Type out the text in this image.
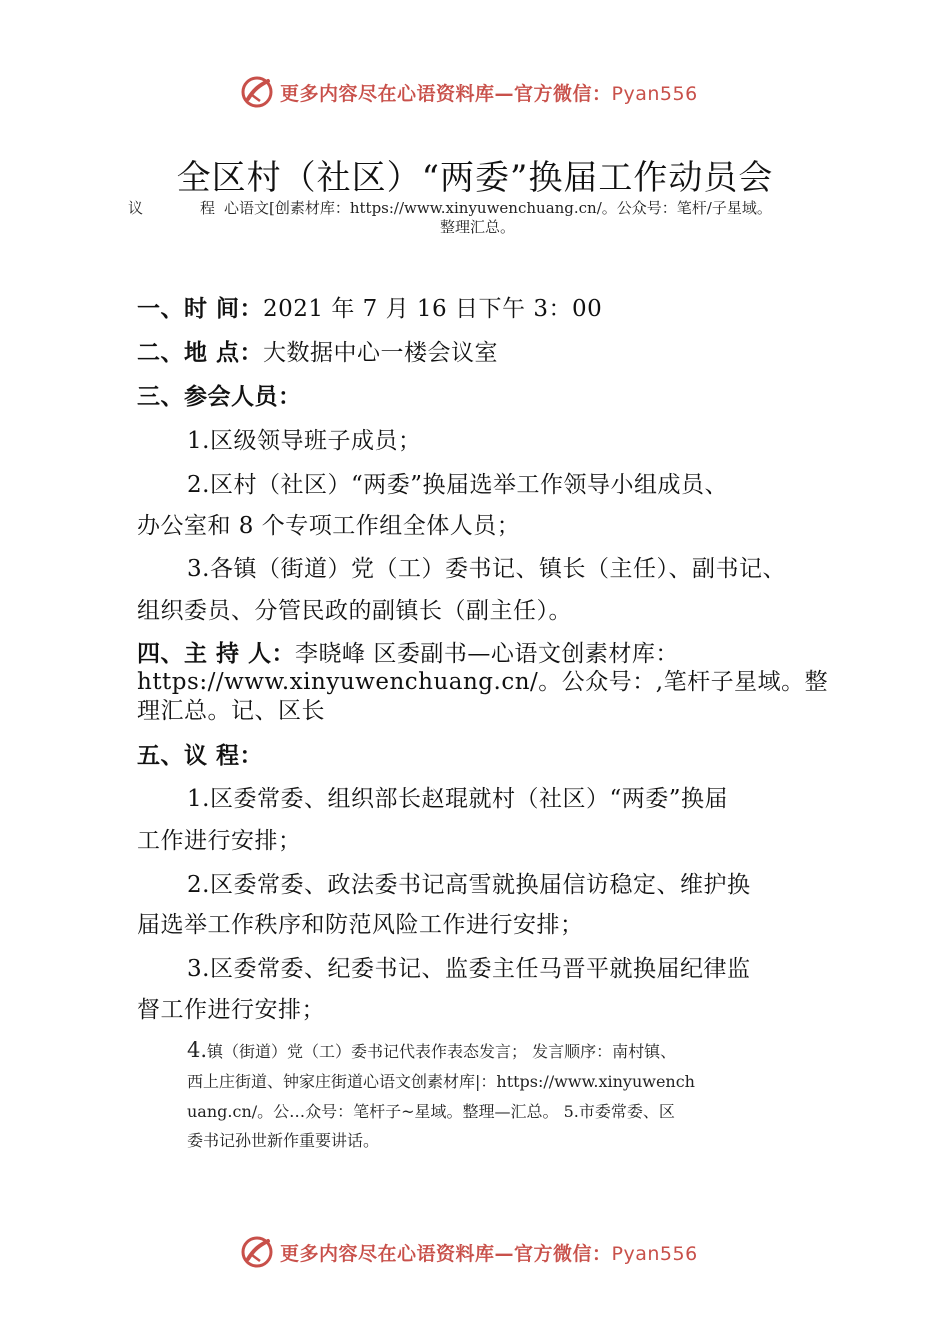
更多内容尽在心语资料库—官方微信：Pyan556
全区村（社区）“两委”换届工作动员会
议	程 心语文[创素材库：https://www.xinyuwenchuang.cn/。公众号：笔杆/子星域。
整理汇总。
一、时 间：2021 年 7 月 16 日下午 3：00
二、地 点：大数据中心一楼会议室
三、参会人员：
1.区级领导班子成员；
2.区村（社区）“两委”换届选举工作领导小组成员、
办公室和 8 个专项工作组全体人员；
3.各镇（街道）党（工）委书记、镇长（主任）、副书记、
组织委员、分管民政的副镇长（副主任）。
四、主 持 人：李晓峰 区委副书—心语文创素材库：
https://www.xinyuwenchuang.cn/。公众号：,笔杆子星域。整
理汇总。记、区长
五、议 程：
1.区委常委、组织部长赵琨就村（社区）“两委”换届
工作进行安排；
2.区委常委、政法委书记高雪就换届信访稳定、维护换
届选举工作秩序和防范风险工作进行安排；
3.区委常委、纪委书记、监委主任马晋平就换届纪律监
督工作进行安排；
4.镇（街道）党（工）委书记代表作表态发言； 发言顺序：南村镇、
西上庄街道、钟家庄街道心语文创素材库|：https://www.xinyuwench
uang.cn/。公…众号：笔杆子~星域。整理—汇总。 5.市委常委、区
委书记孙世新作重要讲话。
更多内容尽在心语资料库—官方微信：Pyan556
